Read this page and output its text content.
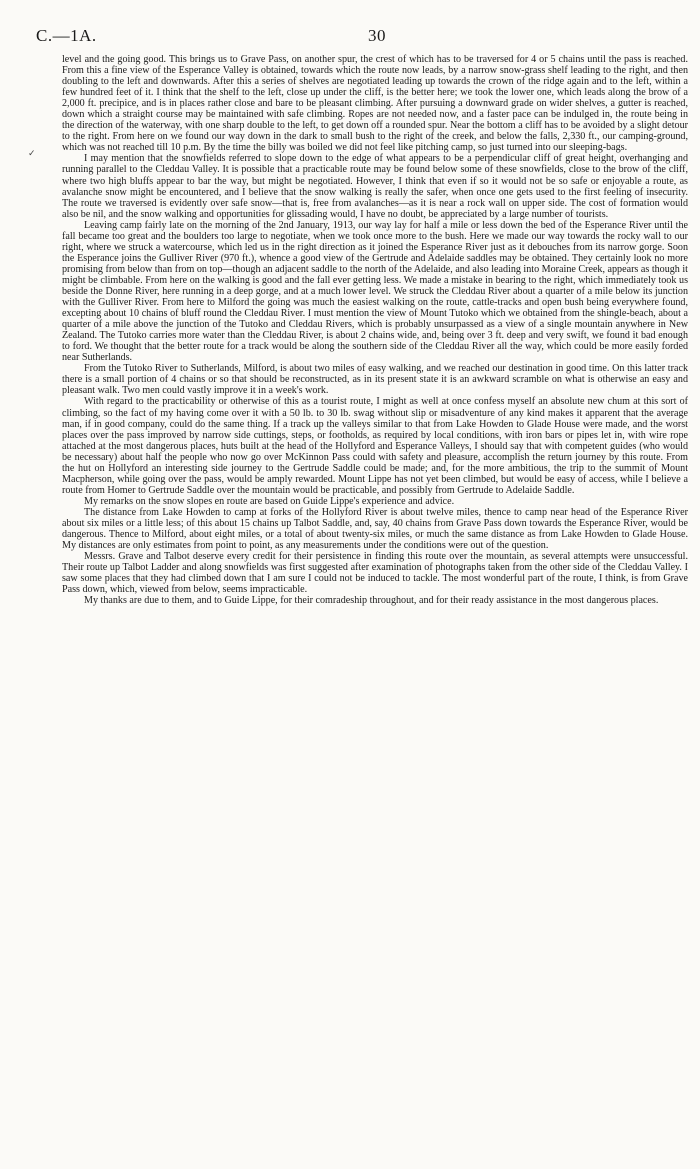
C.—1A.	30
✓

level and the going good. This brings us to Grave Pass, on another spur, the crest of which has to be traversed for 4 or 5 chains until the pass is reached. From this a fine view of the Esperance Valley is obtained, towards which the route now leads, by a narrow snow-grass shelf leading to the right, and then doubling to the left and downwards. After this a series of shelves are negotiated leading up towards the crown of the ridge again and to the left, within a few hundred feet of it. I think that the shelf to the left, close up under the cliff, is the better here; we took the lower one, which leads along the brow of a 2,000 ft. precipice, and is in places rather close and bare to be pleasant climbing. After pursuing a downward grade on wider shelves, a gutter is reached, down which a straight course may be maintained with safe climbing. Ropes are not needed now, and a faster pace can be indulged in, the route being in the direction of the waterway, with one sharp double to the left, to get down off a rounded spur. Near the bottom a cliff has to be avoided by a slight detour to the right. From here on we found our way down in the dark to small bush to the right of the creek, and below the falls, 2,330 ft., our camping-ground, which was not reached till 10 p.m. By the time the billy was boiled we did not feel like pitching camp, so just turned into our sleeping-bags.

I may mention that the snowfields referred to slope down to the edge of what appears to be a perpendicular cliff of great height, overhanging and running parallel to the Cleddau Valley. It is possible that a practicable route may be found below some of these snowfields, close to the brow of the cliff, where two high bluffs appear to bar the way, but might be negotiated. However, I think that even if so it would not be so safe or enjoyable a route, as avalanche snow might be encountered, and I believe that the snow walking is really the safer, when once one gets used to the first feeling of insecurity. The route we traversed is evidently over safe snow—that is, free from avalanches—as it is near a rock wall on upper side. The cost of formation would also be nil, and the snow walking and opportunities for glissading would, I have no doubt, be appreciated by a large number of tourists.

Leaving camp fairly late on the morning of the 2nd January, 1913, our way lay for half a mile or less down the bed of the Esperance River until the fall became too great and the boulders too large to negotiate, when we took once more to the bush. Here we made our way towards the rocky wall to our right, where we struck a watercourse, which led us in the right direction as it joined the Esperance River just as it debouches from its narrow gorge. Soon the Esperance joins the Gulliver River (970 ft.), whence a good view of the Gertrude and Adelaide saddles may be obtained. They certainly look no more promising from below than from on top—though an adjacent saddle to the north of the Adelaide, and also leading into Moraine Creek, appears as though it might be climbable. From here on the walking is good and the fall ever getting less. We made a mistake in bearing to the right, which immediately took us beside the Donne River, here running in a deep gorge, and at a much lower level. We struck the Cleddau River about a quarter of a mile below its junction with the Gulliver River. From here to Milford the going was much the easiest walking on the route, cattle-tracks and open bush being everywhere found, excepting about 10 chains of bluff round the Cleddau River. I must mention the view of Mount Tutoko which we obtained from the shingle-beach, about a quarter of a mile above the junction of the Tutoko and Cleddau Rivers, which is probably unsurpassed as a view of a single mountain anywhere in New Zealand. The Tutoko carries more water than the Cleddau River, is about 2 chains wide, and, being over 3 ft. deep and very swift, we found it bad enough to ford. We thought that the better route for a track would be along the southern side of the Cleddau River all the way, which could be more easily forded near Sutherlands.

From the Tutoko River to Sutherlands, Milford, is about two miles of easy walking, and we reached our destination in good time. On this latter track there is a small portion of 4 chains or so that should be reconstructed, as in its present state it is an awkward scramble on what is otherwise an easy and pleasant walk. Two men could vastly improve it in a week's work.

With regard to the practicability or otherwise of this as a tourist route, I might as well at once confess myself an absolute new chum at this sort of climbing, so the fact of my having come over it with a 50 lb. to 30 lb. swag without slip or misadventure of any kind makes it apparent that the average man, if in good company, could do the same thing. If a track up the valleys similar to that from Lake Howden to Glade House were made, and the worst places over the pass improved by narrow side cuttings, steps, or footholds, as required by local conditions, with iron bars or pipes let in, with wire rope attached at the most dangerous places, huts built at the head of the Hollyford and Esperance Valleys, I should say that with competent guides (who would be necessary) about half the people who now go over McKinnon Pass could with safety and pleasure, accomplish the return journey by this route. From the hut on Hollyford an interesting side journey to the Gertrude Saddle could be made; and, for the more ambitious, the trip to the summit of Mount Macpherson, while going over the pass, would be amply rewarded. Mount Lippe has not yet been climbed, but would be easy of access, while I believe a route from Homer to Gertrude Saddle over the mountain would be practicable, and possibly from Gertrude to Adelaide Saddle.

My remarks on the snow slopes en route are based on Guide Lippe's experience and advice.

The distance from Lake Howden to camp at forks of the Hollyford River is about twelve miles, thence to camp near head of the Esperance River about six miles or a little less; of this about 15 chains up Talbot Saddle, and, say, 40 chains from Grave Pass down towards the Esperance River, would be dangerous. Thence to Milford, about eight miles, or a total of about twenty-six miles, or much the same distance as from Lake Howden to Glade House. My distances are only estimates from point to point, as any measurements under the conditions were out of the question.

Messrs. Grave and Talbot deserve every credit for their persistence in finding this route over the mountain, as several attempts were unsuccessful. Their route up Talbot Ladder and along snowfields was first suggested after examination of photographs taken from the other side of the Cleddau Valley. I saw some places that they had climbed down that I am sure I could not be induced to tackle. The most wonderful part of the route, I think, is from Grave Pass down, which, viewed from below, seems impracticable.

My thanks are due to them, and to Guide Lippe, for their comradeship throughout, and for their ready assistance in the most dangerous places.
